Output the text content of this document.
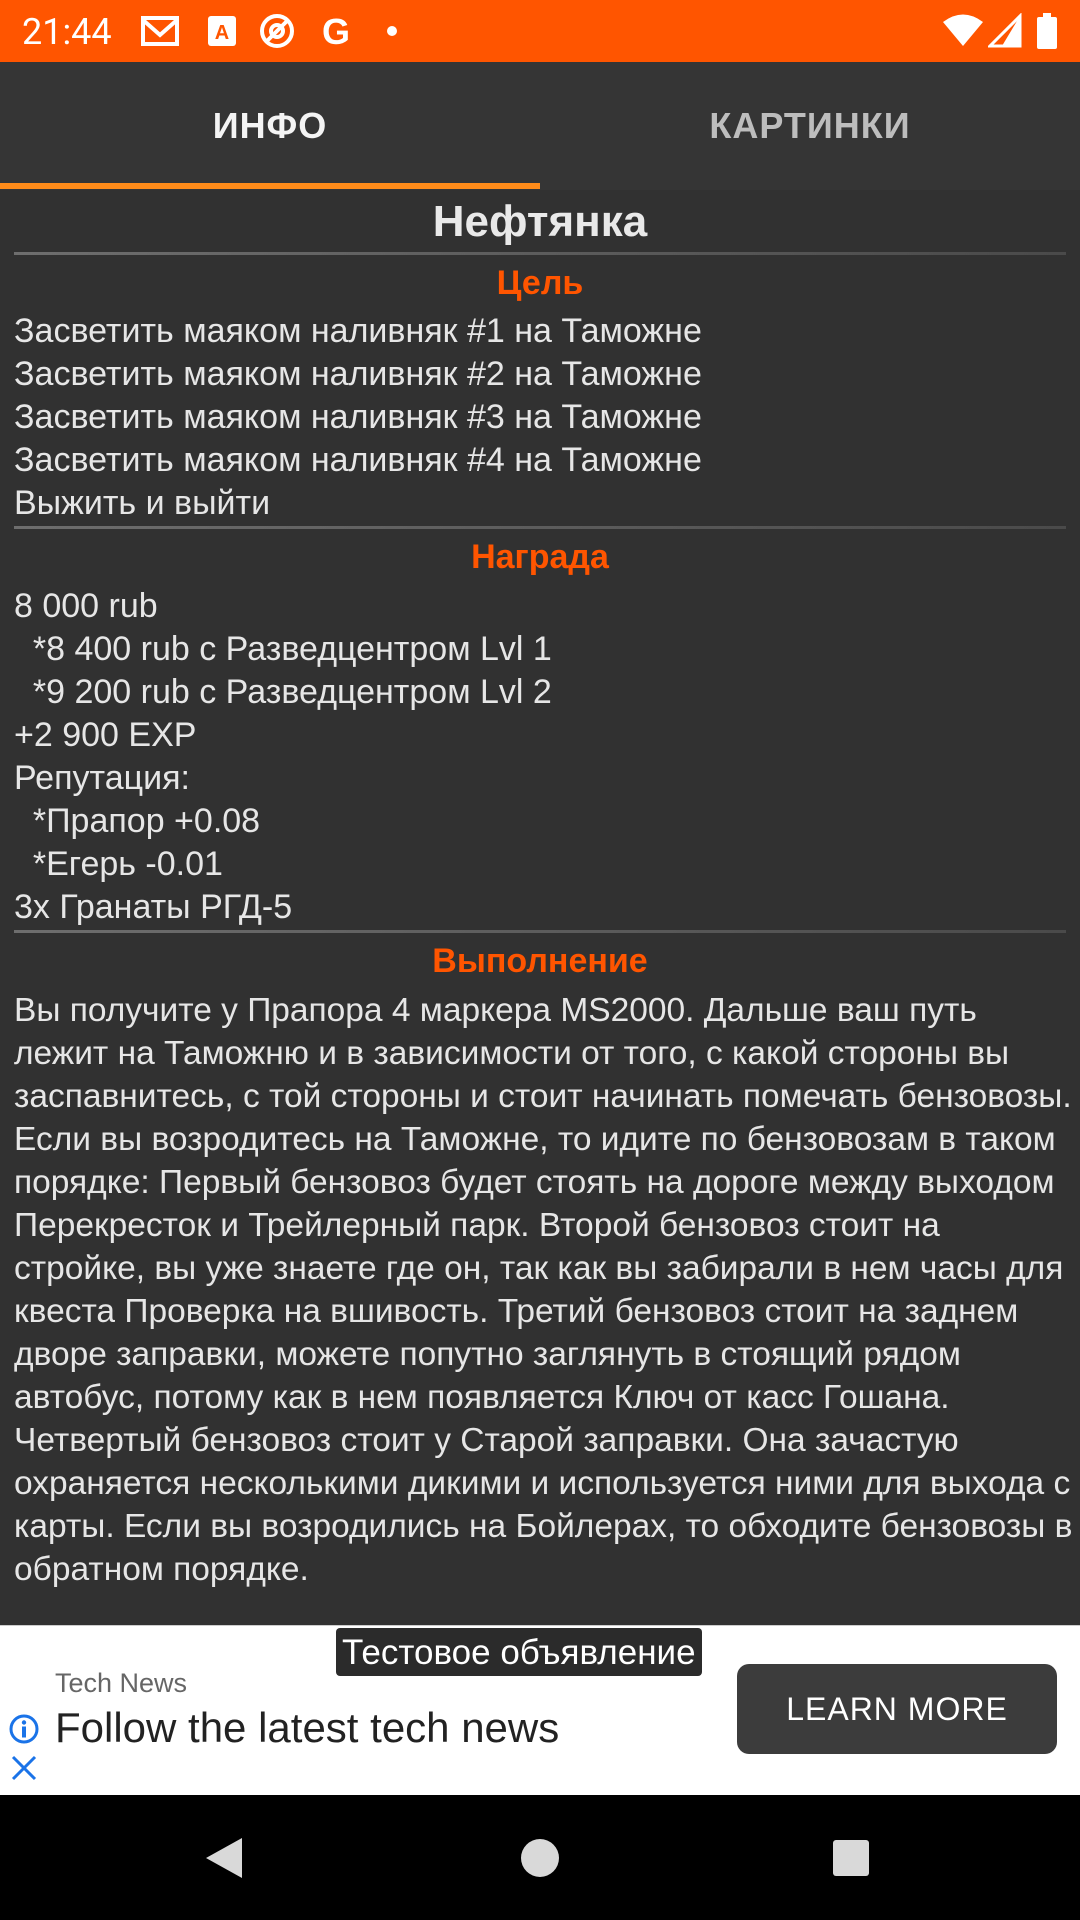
21:44	A	G
ИНФО	КАРТИНКИ
Нефтянка
Цель
Засветить маяком наливняк #1 на Таможне
Засветить маяком наливняк #2 на Таможне
Засветить маяком наливняк #3 на Таможне
Засветить маяком наливняк #4 на Таможне
Выжить и выйти
Награда
8 000 rub
*8 400 rub с Разведцентром Lvl 1
*9 200 rub с Разведцентром Lvl 2
+2 900 EXP
Репутация:
*Прапор +0.08
*Егерь -0.01
3x Гранаты РГД-5
Выполнение
Вы получите у Прапора 4 маркера MS2000. Дальше ваш путь лежит на Таможню и в зависимости от того, с какой стороны вы заспавнитесь, с той стороны и стоит начинать помечать бензовозы. Если вы возродитесь на Таможне, то идите по бензовозам в таком порядке: Первый бензовоз будет стоять на дороге между выходом Перекресток и Трейлерный парк. Второй бензовоз стоит на стройке, вы уже знаете где он, так как вы забирали в нем часы для квеста Проверка на вшивость. Третий бензовоз стоит на заднем дворе заправки, можете попутно заглянуть в стоящий рядом автобус, потому как в нем появляется Ключ от касс Гошана. Четвертый бензовоз стоит у Старой заправки. Она зачастую охраняется несколькими дикими и используется ними для выхода с карты. Если вы возродились на Бойлерах, то обходите бензовозы в обратном порядке.
Тестовое объявление
Tech News
Follow the latest tech news	LEARN MORE
